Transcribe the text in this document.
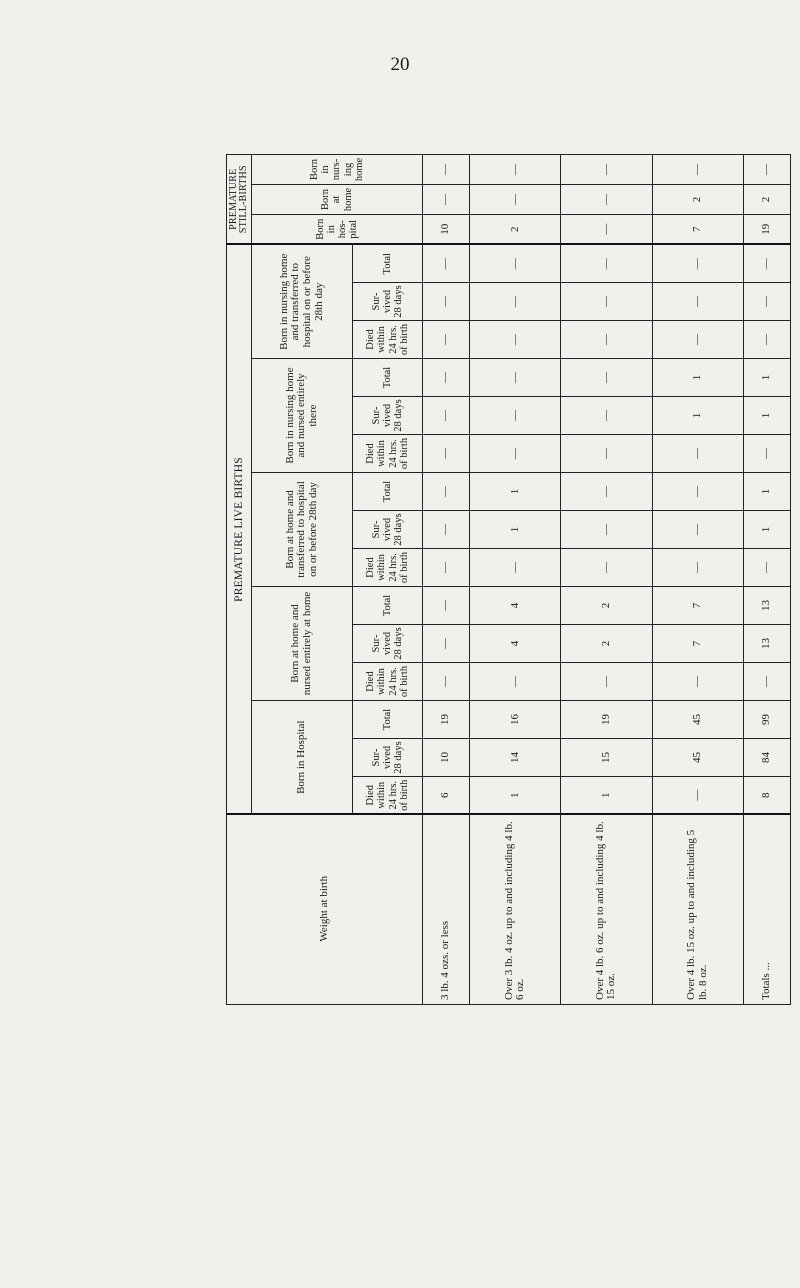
20
Weight at birth	PREMATURE LIVE BIRTHS															PREMATURE STILL-BIRTHS		
	Born in Hospital			Born at home and nursed entirely at home			Born at home and transferred to hospital on or before 28th day			Born in nursing home and nursed entirely there			Born in nursing home and transferred to hospital on or before 28th day			Born in hos-pital	Born at home	Born in nurs-ing home
	Died within 24 hrs. of birth	Sur-vived 28 days	Total	Died within 24 hrs. of birth	Sur-vived 28 days	Total	Died within 24 hrs. of birth	Sur-vived 28 days	Total	Died within 24 hrs. of birth	Sur-vived 28 days	Total	Died within 24 hrs. of birth	Sur-vived 28 days	Total			
3 lb. 4 ozs. or less	6	10	19	—	—	—	—	—	—	—	—	—	—	—	—	10	—	—
Over 3 lb. 4 oz. up to and including 4 lb. 6 oz.	1	14	16	—	4	4	—	1	1	—	—	—	—	—	—	2	—	—
Over 4 lb. 6 oz. up to and including 4 lb. 15 oz.	1	15	19	—	2	2	—	—	—	—	—	—	—	—	—	—	—	—
Over 4 lb. 15 oz. up to and including 5 lb. 8 oz.	—	45	45	—	7	7	—	—	—	—	1	1	—	—	—	7	2	—
Totals ...	8	84	99	—	13	13	—	1	1	—	1	1	—	—	—	19	2	—
